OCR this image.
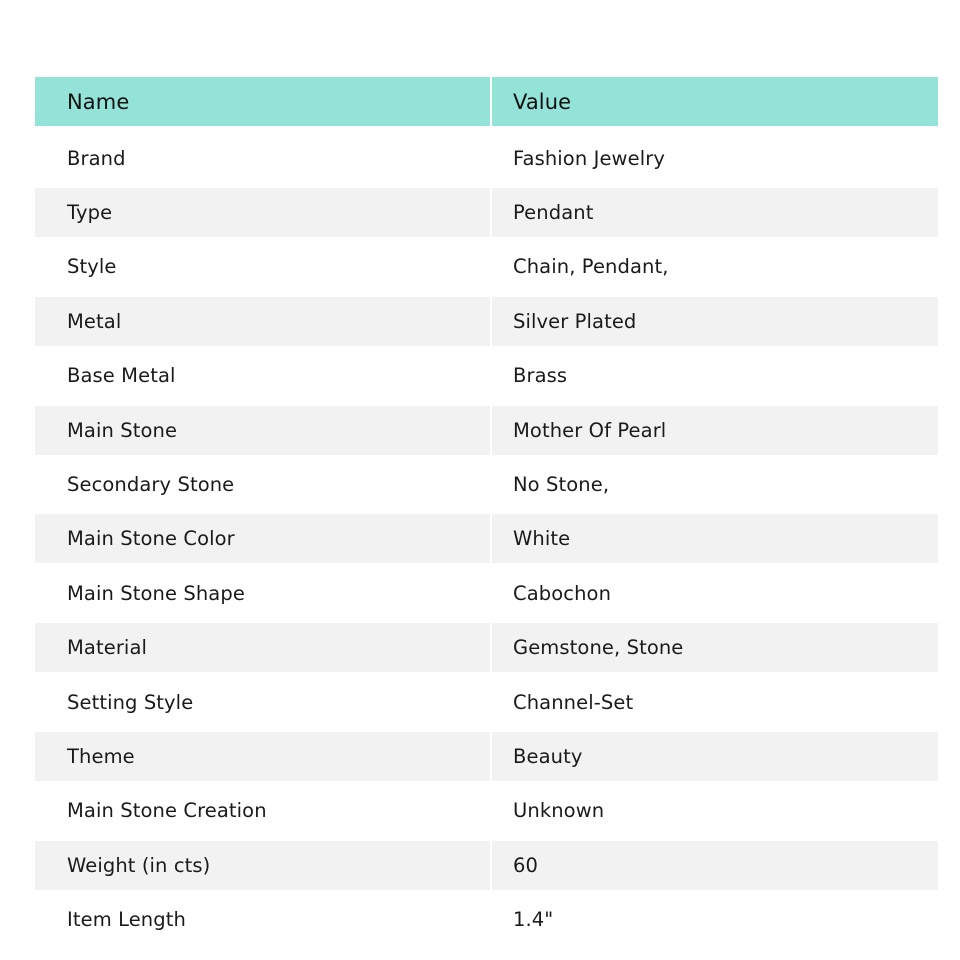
Name	Value
Brand	Fashion Jewelry
Type	Pendant
Style	Chain, Pendant,
Metal	Silver Plated
Base Metal	Brass
Main Stone	Mother Of Pearl
Secondary Stone	No Stone,
Main Stone Color	White
Main Stone Shape	Cabochon
Material	Gemstone, Stone
Setting Style	Channel-Set
Theme	Beauty
Main Stone Creation	Unknown
Weight (in cts)	60
Item Length	1.4"
